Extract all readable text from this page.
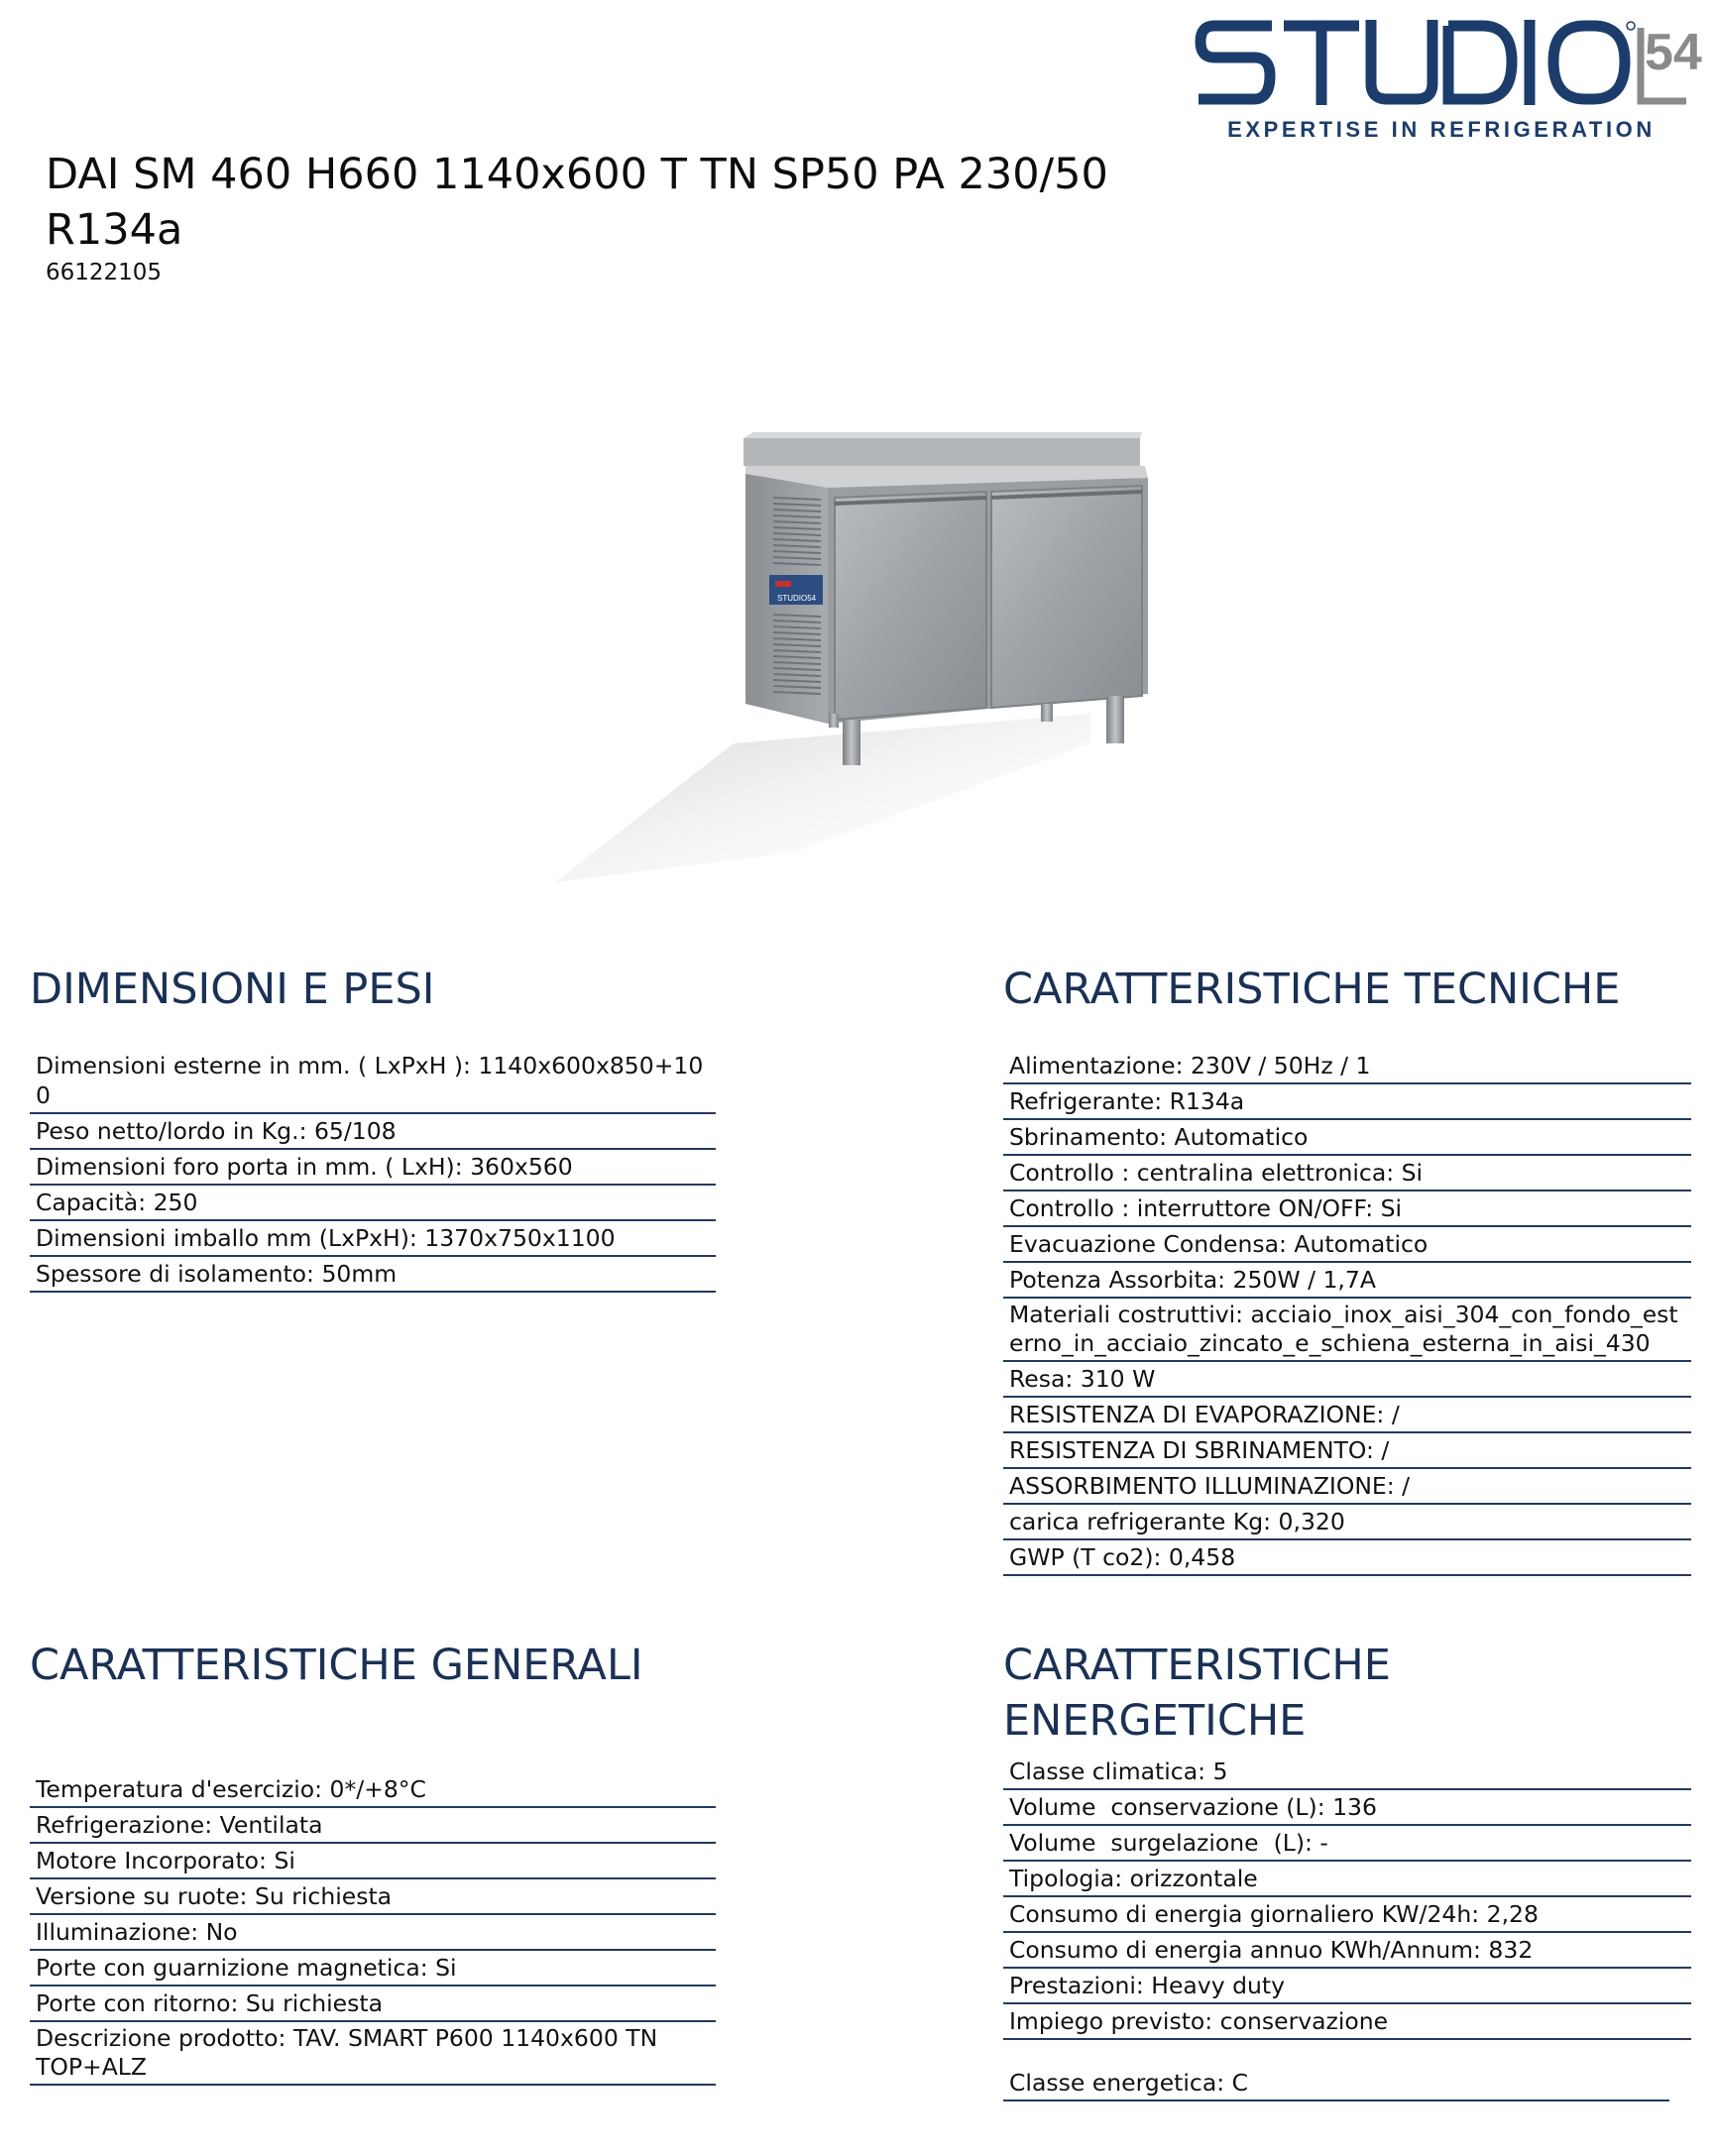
54
EXPERTISE IN REFRIGERATION
DAI SM 460 H660 1140x600 T TN SP50 PA 230/50 R134a
66122105
STUDIO54
DIMENSIONI E PESI
Dimensioni esterne in mm. ( LxPxH ): 1140x600x850+100
Peso netto/lordo in Kg.: 65/108
Dimensioni foro porta in mm. ( LxH): 360x560
Capacità: 250
Dimensioni imballo mm (LxPxH): 1370x750x1100
Spessore di isolamento: 50mm
CARATTERISTICHE TECNICHE
Alimentazione: 230V / 50Hz / 1
Refrigerante: R134a
Sbrinamento: Automatico
Controllo : centralina elettronica: Si
Controllo : interruttore ON/OFF: Si
Evacuazione Condensa: Automatico
Potenza Assorbita: 250W / 1,7A
Materiali costruttivi: acciaio_inox_aisi_304_con_fondo_esterno_in_acciaio_zincato_e_schiena_esterna_in_aisi_430
Resa: 310 W
RESISTENZA DI EVAPORAZIONE: /
RESISTENZA DI SBRINAMENTO: /
ASSORBIMENTO ILLUMINAZIONE: /
carica refrigerante Kg: 0,320
GWP (T co2): 0,458
CARATTERISTICHE GENERALI
Temperatura d'esercizio: 0*/+8°C
Refrigerazione: Ventilata
Motore Incorporato: Si
Versione su ruote: Su richiesta
Illuminazione: No
Porte con guarnizione magnetica: Si
Porte con ritorno: Su richiesta
Descrizione prodotto: TAV. SMART P600 1140x600 TN TOP+ALZ
CARATTERISTICHE ENERGETICHE
Classe climatica: 5
Volume  conservazione (L): 136
Volume  surgelazione  (L): -
Tipologia: orizzontale
Consumo di energia giornaliero KW/24h: 2,28
Consumo di energia annuo KWh/Annum: 832
Prestazioni: Heavy duty
Impiego previsto: conservazione
Classe energetica: C
